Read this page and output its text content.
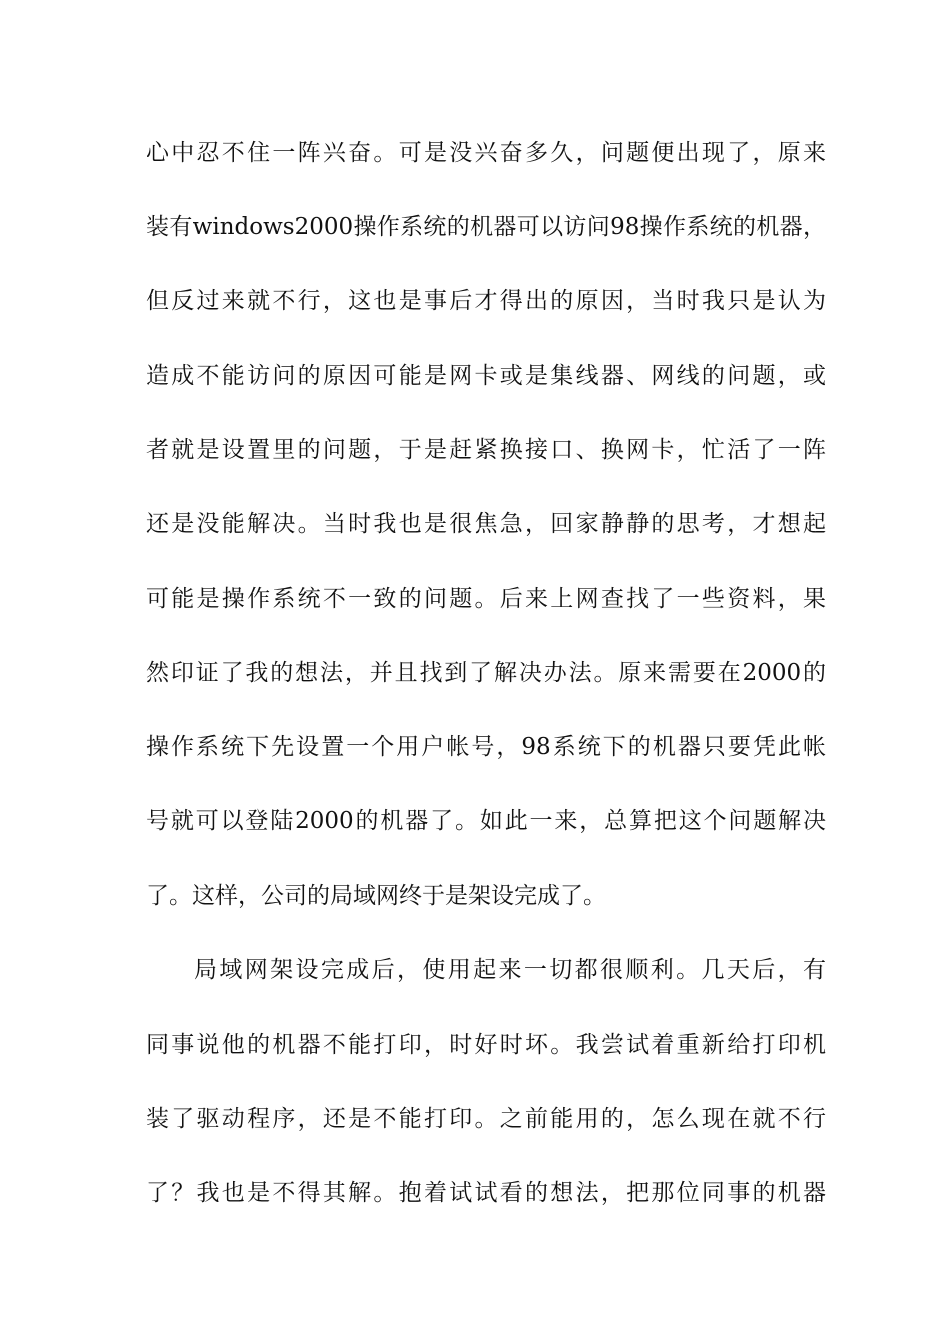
心中忍不住一阵兴奋。可是没兴奋多久，问题便出现了，原来
装有windows2000操作系统的机器可以访问98操作系统的机器，
但反过来就不行，这也是事后才得出的原因，当时我只是认为
造成不能访问的原因可能是网卡或是集线器、网线的问题，或
者就是设置里的问题，于是赶紧换接口、换网卡，忙活了一阵
还是没能解决。当时我也是很焦急，回家静静的思考，才想起
可能是操作系统不一致的问题。后来上网查找了一些资料，果
然印证了我的想法，并且找到了解决办法。原来需要在2000的
操作系统下先设置一个用户帐号，98系统下的机器只要凭此帐
号就可以登陆2000的机器了。如此一来，总算把这个问题解决
了。这样，公司的局域网终于是架设完成了。
局域网架设完成后，使用起来一切都很顺利。几天后，有
同事说他的机器不能打印，时好时坏。我尝试着重新给打印机
装了驱动程序，还是不能打印。之前能用的，怎么现在就不行
了？我也是不得其解。抱着试试看的想法，把那位同事的机器
